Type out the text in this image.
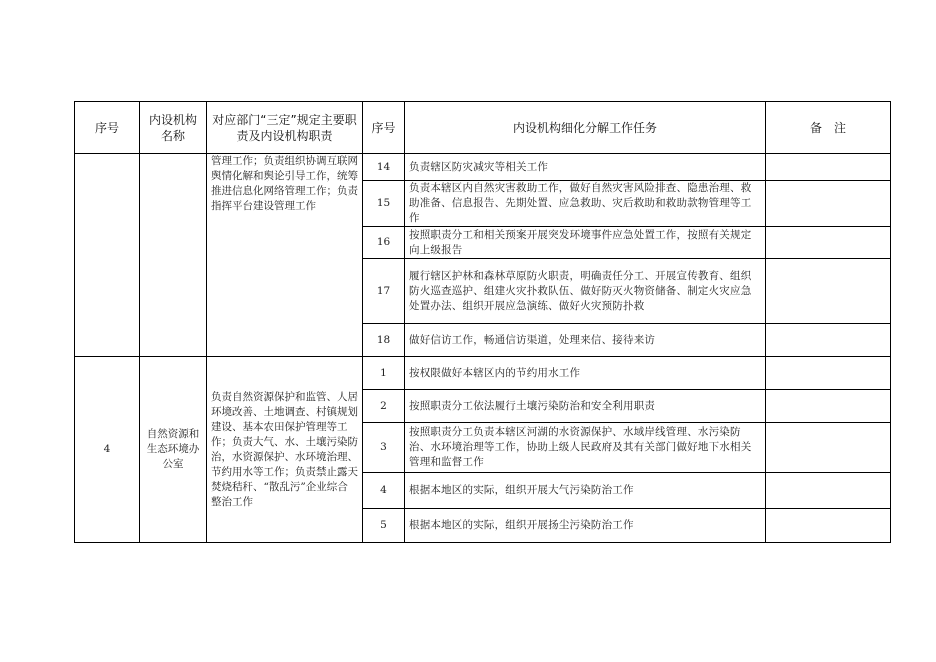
序号	内设机构名称	对应部门“三定”规定主要职责及内设机构职责	序号	内设机构细化分解工作任务	备　注
		管理工作；负责组织协调互联网舆情化解和舆论引导工作，统筹推进信息化网络管理工作；负责指挥平台建设管理工作	14	负责辖区防灾减灾等相关工作	
			15	负责本辖区内自然灾害救助工作，做好自然灾害风险排查、隐患治理、救助准备、信息报告、先期处置、应急救助、灾后救助和救助款物管理等工作	
			16	按照职责分工和相关预案开展突发环境事件应急处置工作，按照有关规定向上级报告	
			17	履行辖区护林和森林草原防火职责，明确责任分工、开展宣传教育、组织防火巡查巡护、组建火灾扑救队伍、做好防灭火物资储备、制定火灾应急处置办法、组织开展应急演练、做好火灾预防扑救	
			18	做好信访工作，畅通信访渠道，处理来信、接待来访	
4	自然资源和生态环境办公室	负责自然资源保护和监管、人居环境改善、土地调查、村镇规划建设、基本农田保护管理等工作；负责大气、水、土壤污染防治，水资源保护、水环境治理、节约用水等工作；负责禁止露天焚烧秸秆、“散乱污”企业综合整治工作	1	按权限做好本辖区内的节约用水工作	
			2	按照职责分工依法履行土壤污染防治和安全利用职责	
			3	按照职责分工负责本辖区河湖的水资源保护、水域岸线管理、水污染防治、水环境治理等工作，协助上级人民政府及其有关部门做好地下水相关管理和监督工作	
			4	根据本地区的实际，组织开展大气污染防治工作	
			5	根据本地区的实际，组织开展扬尘污染防治工作	
